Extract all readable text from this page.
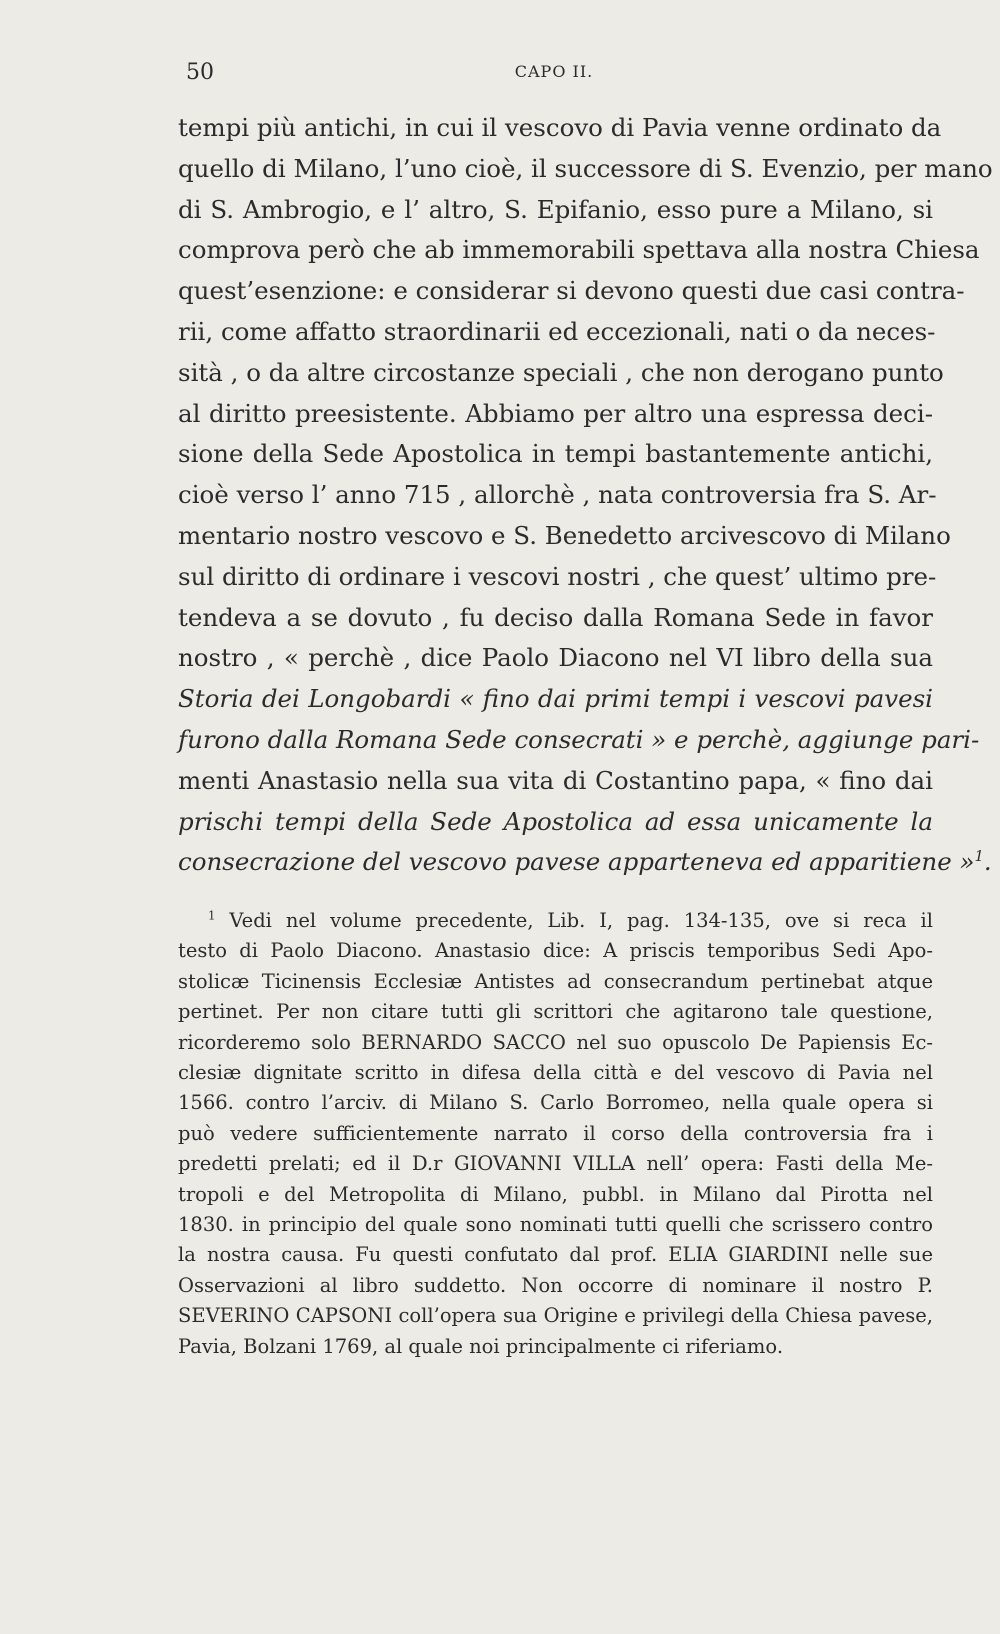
50	CAPO II.
tempi più antichi, in cui il vescovo di Pavia venne ordinato da
quello di Milano, l’uno cioè, il successore di S. Evenzio, per mano
di S. Ambrogio, e l’ altro, S. Epifanio, esso pure a Milano, si
comprova però che ab immemorabili spettava alla nostra Chiesa
quest’esenzione: e considerar si devono questi due casi contra-
rii, come affatto straordinarii ed eccezionali, nati o da neces-
sità , o da altre circostanze speciali , che non derogano punto
al diritto preesistente. Abbiamo per altro una espressa deci-
sione della Sede Apostolica in tempi bastantemente antichi,
cioè verso l’ anno 715 , allorchè , nata controversia fra S. Ar-
mentario nostro vescovo e S. Benedetto arcivescovo di Milano
sul diritto di ordinare i vescovi nostri , che quest’ ultimo pre-
tendeva a se dovuto , fu deciso dalla Romana Sede in favor
nostro , « perchè , dice Paolo Diacono nel VI libro della sua
Storia dei Longobardi « fino dai primi tempi i vescovi pavesi
furono dalla Romana Sede consecrati » e perchè, aggiunge pari-
menti Anastasio nella sua vita di Costantino papa, « fino dai
prischi tempi della Sede Apostolica ad essa unicamente la
consecrazione del vescovo pavese apparteneva ed apparitiene »$^1$.
$^1$ Vedi nel volume precedente, Lib. I, pag. 134-135, ove si reca il
testo di Paolo Diacono. Anastasio dice: A priscis temporibus Sedi Apo-
stolicæ Ticinensis Ecclesiæ Antistes ad consecrandum pertinebat atque
pertinet. Per non citare tutti gli scrittori che agitarono tale questione,
ricorderemo solo BERNARDO SACCO nel suo opuscolo De Papiensis Ec-
clesiæ dignitate scritto in difesa della città e del vescovo di Pavia nel
1566. contro l’arciv. di Milano S. Carlo Borromeo, nella quale opera si
può vedere sufficientemente narrato il corso della controversia fra i
predetti prelati; ed il D.r GIOVANNI VILLA nell’ opera: Fasti della Me-
tropoli e del Metropolita di Milano, pubbl. in Milano dal Pirotta nel
1830. in principio del quale sono nominati tutti quelli che scrissero contro
la nostra causa. Fu questi confutato dal prof. ELIA GIARDINI nelle sue
Osservazioni al libro suddetto. Non occorre di nominare il nostro P.
SEVERINO CAPSONI coll’opera sua Origine e privilegi della Chiesa pavese,
Pavia, Bolzani 1769, al quale noi principalmente ci riferiamo.
